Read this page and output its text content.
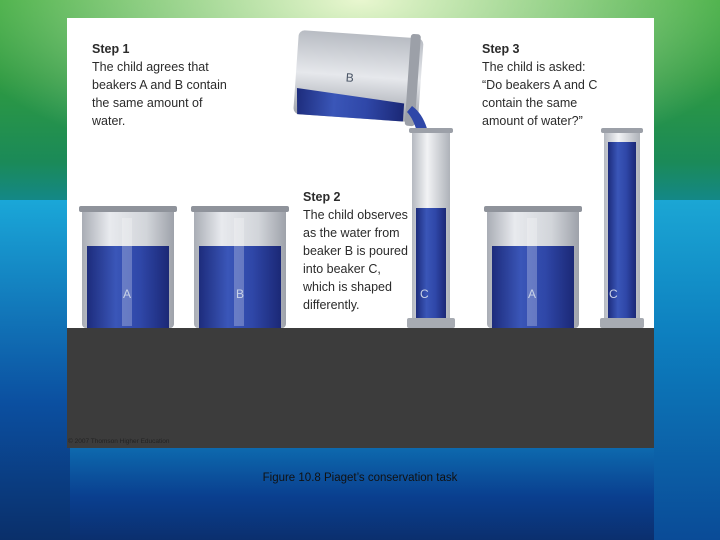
A	B
B
C	A	C
Step 1
The child agrees that
beakers A and B contain
the same amount of
water.
Step 2
The child observes
as the water from
beaker B is poured
into beaker C,
which is shaped
differently.
Step 3
The child is asked:
“Do beakers A and C
contain the same
amount of water?”
© 2007 Thomson Higher Education
Figure 10.8 Piaget’s conservation task
